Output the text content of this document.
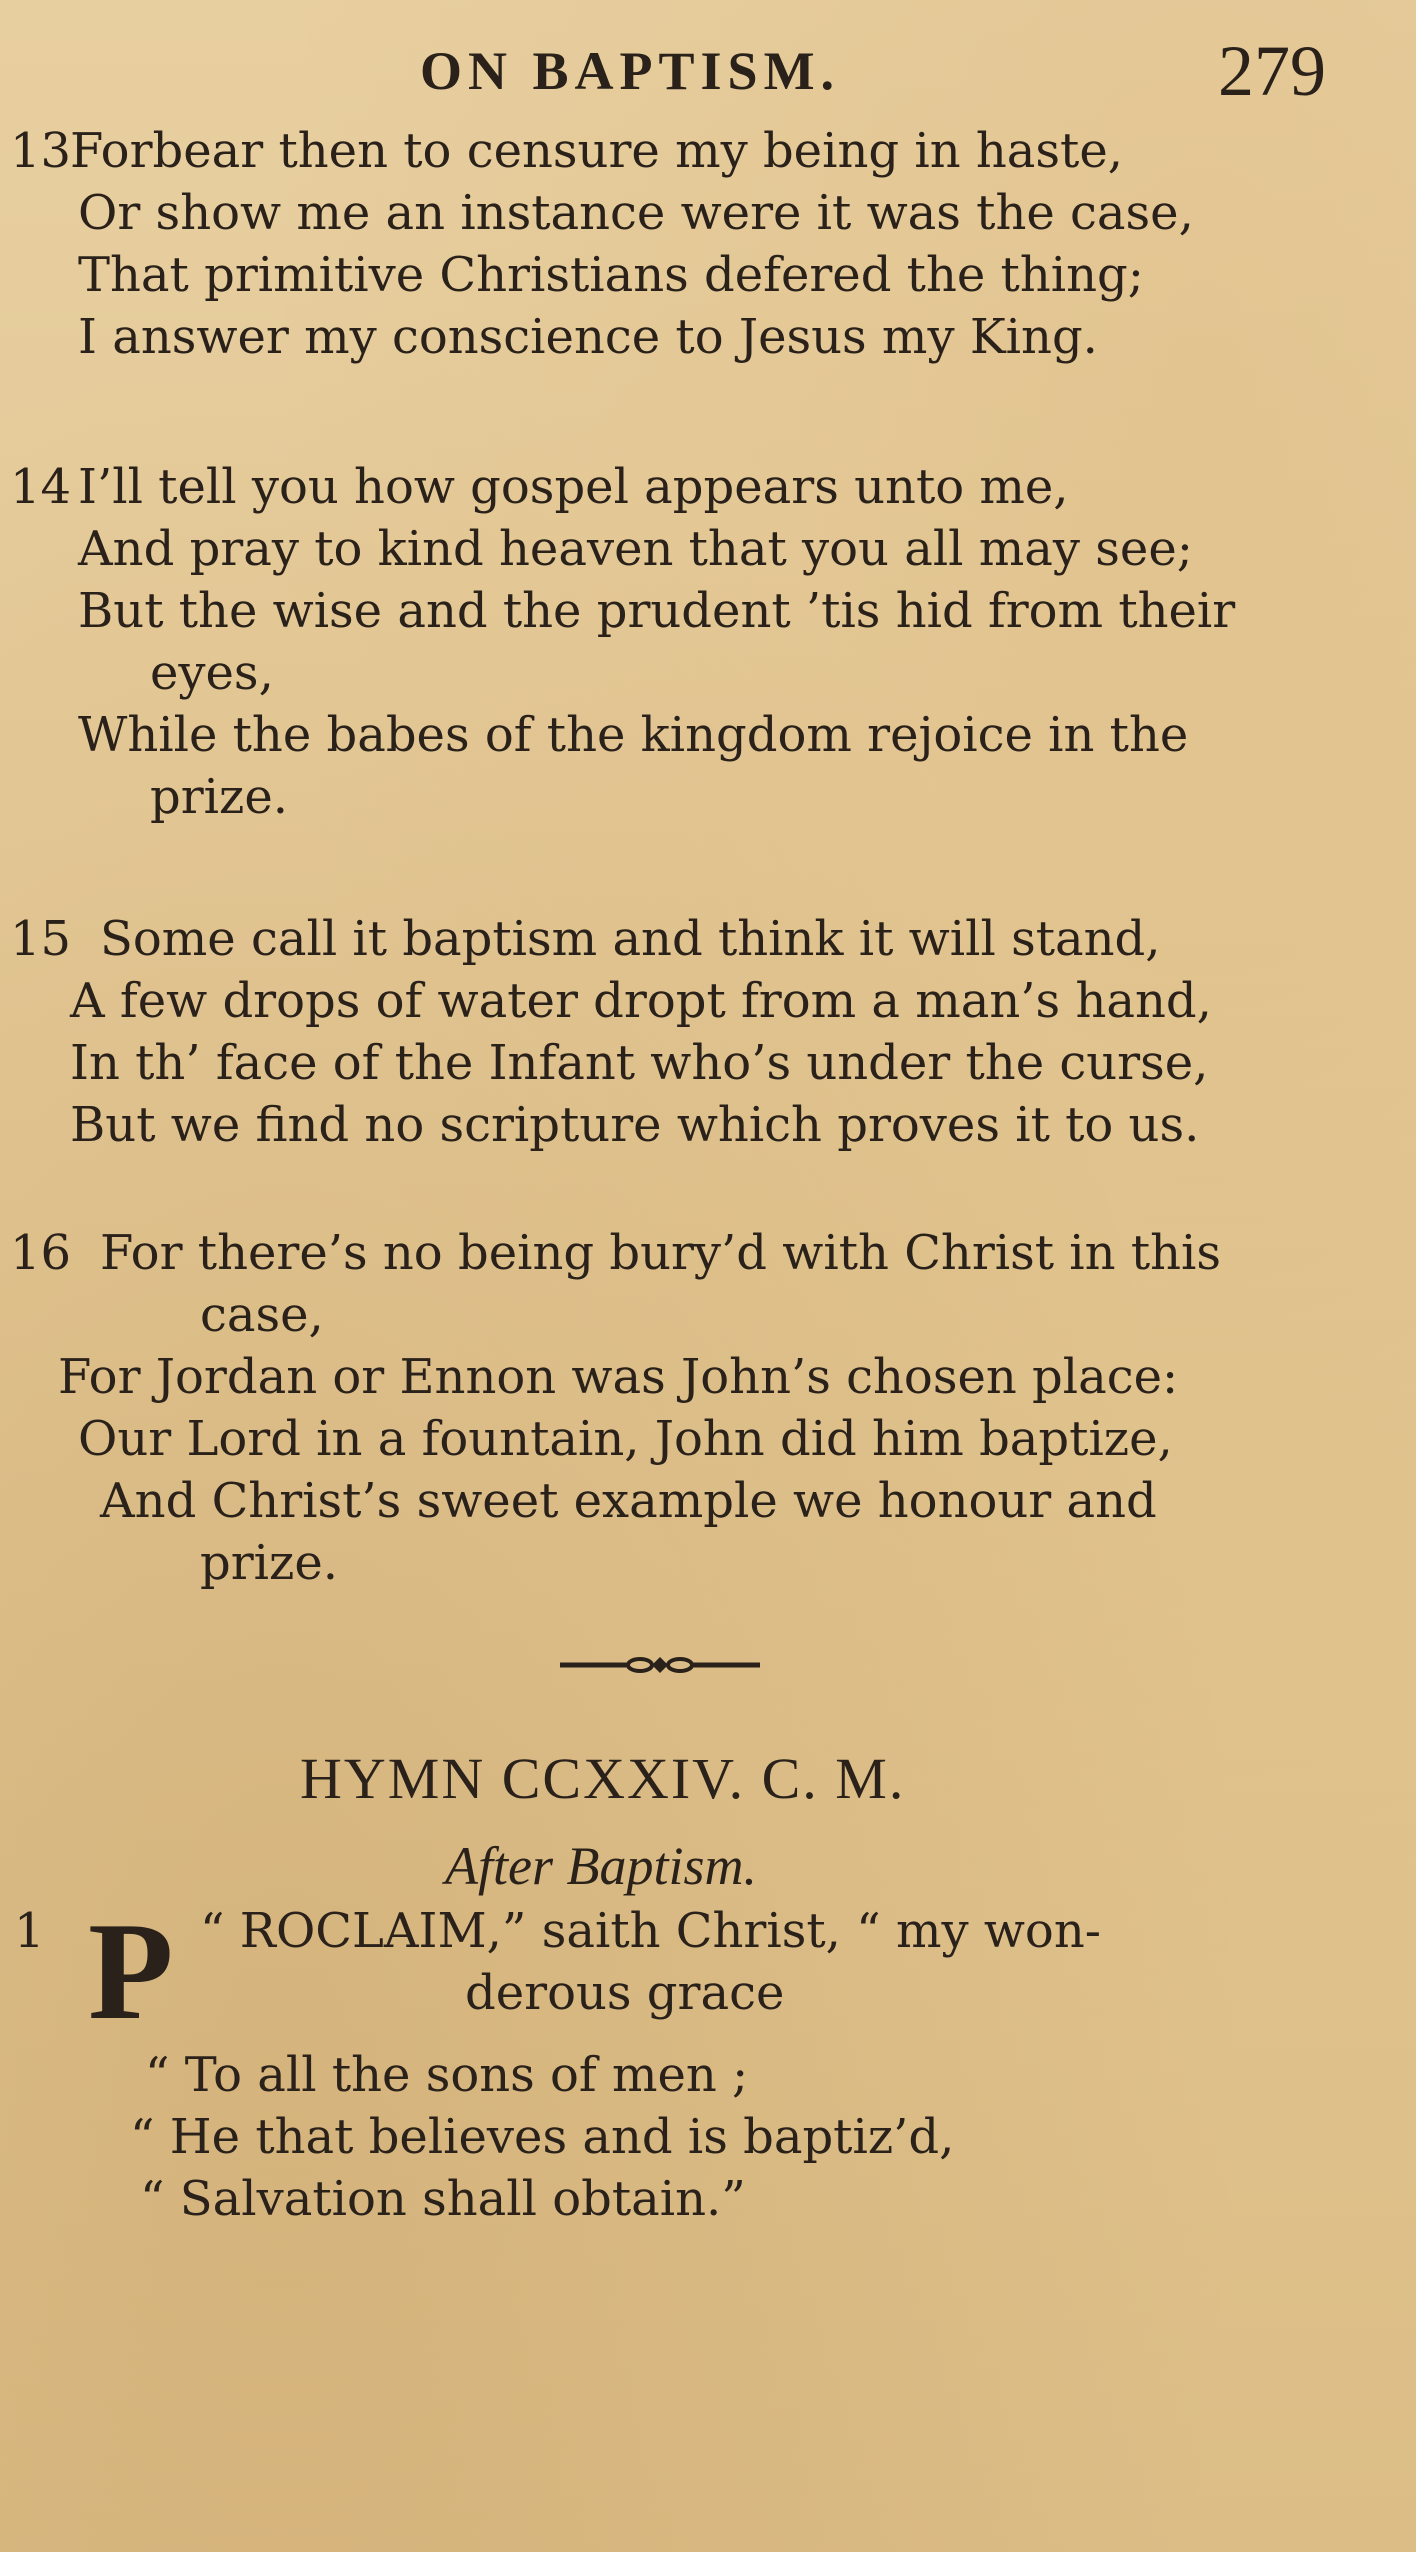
ON BAPTISM.	279
13
Forbear then to censure my being in haste,
Or show me an instance were it was the case,
That primitive Christians defered the thing;
I answer my conscience to Jesus my King.
14 I’ll tell you how gospel appears unto me,
And pray to kind heaven that you all may see;
But the wise and the prudent ’tis hid from their
eyes,
While the babes of the kingdom rejoice in the
prize.
15 Some call it baptism and think it will stand,
A few drops of water dropt from a man’s hand,
In th’ face of the Infant who’s under the curse,
But we find no scripture which proves it to us.
16 For there’s no being bury’d with Christ in this
case,
For Jordan or Ennon was John’s chosen place:
Our Lord in a fountain, John did him baptize,
And Christ’s sweet example we honour and
prize.
HYMN CCXXIV. C. M.
After Baptism.
1 P “ ROCLAIM,” saith Christ, “ my won-
derous grace
“ To all the sons of men ;
“ He that believes and is baptiz’d,
“ Salvation shall obtain.”
